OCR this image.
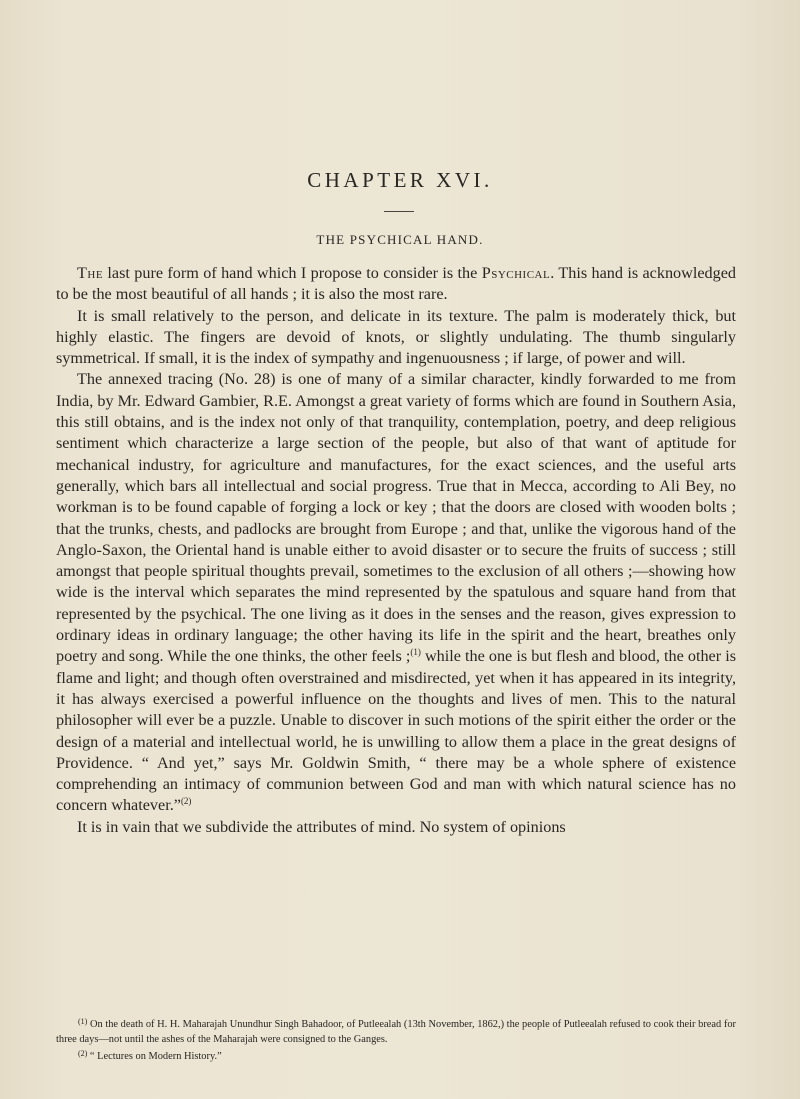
CHAPTER XVI.
THE PSYCHICAL HAND.

The last pure form of hand which I propose to consider is the Psychical. This hand is acknowledged to be the most beautiful of all hands ; it is also the most rare.

It is small relatively to the person, and delicate in its texture. The palm is moderately thick, but highly elastic. The fingers are devoid of knots, or slightly undulating. The thumb singularly symmetrical. If small, it is the index of sympathy and ingenuousness ; if large, of power and will.

The annexed tracing (No. 28) is one of many of a similar character, kindly forwarded to me from India, by Mr. Edward Gambier, R.E. Amongst a great variety of forms which are found in Southern Asia, this still obtains, and is the index not only of that tranquility, contemplation, poetry, and deep religious sentiment which characterize a large section of the people, but also of that want of aptitude for mechanical industry, for agriculture and manufactures, for the exact sciences, and the useful arts generally, which bars all intellectual and social progress. True that in Mecca, according to Ali Bey, no workman is to be found capable of forging a lock or key ; that the doors are closed with wooden bolts ; that the trunks, chests, and padlocks are brought from Europe ; and that, unlike the vigorous hand of the Anglo-Saxon, the Oriental hand is unable either to avoid disaster or to secure the fruits of success ; still amongst that people spiritual thoughts prevail, sometimes to the exclusion of all others ;—showing how wide is the interval which separates the mind represented by the spatulous and square hand from that represented by the psychical. The one living as it does in the senses and the reason, gives expression to ordinary ideas in ordinary language; the other having its life in the spirit and the heart, breathes only poetry and song. While the one thinks, the other feels ;$^{(1)}$ while the one is but flesh and blood, the other is flame and light; and though often overstrained and misdirected, yet when it has appeared in its integrity, it has always exercised a powerful influence on the thoughts and lives of men. This to the natural philosopher will ever be a puzzle. Unable to discover in such motions of the spirit either the order or the design of a material and intellectual world, he is unwilling to allow them a place in the great designs of Providence. “ And yet,” says Mr. Goldwin Smith, “ there may be a whole sphere of existence comprehending an intimacy of communion between God and man with which natural science has no concern whatever.”$^{(2)}$

It is in vain that we subdivide the attributes of mind. No system of opinions

$^{(1)}$ On the death of H. H. Maharajah Unundhur Singh Bahadoor, of Putleealah (13th November, 1862,) the people of Putleealah refused to cook their bread for three days—not until the ashes of the Maharajah were consigned to the Ganges.

$^{(2)}$ “ Lectures on Modern History.”
